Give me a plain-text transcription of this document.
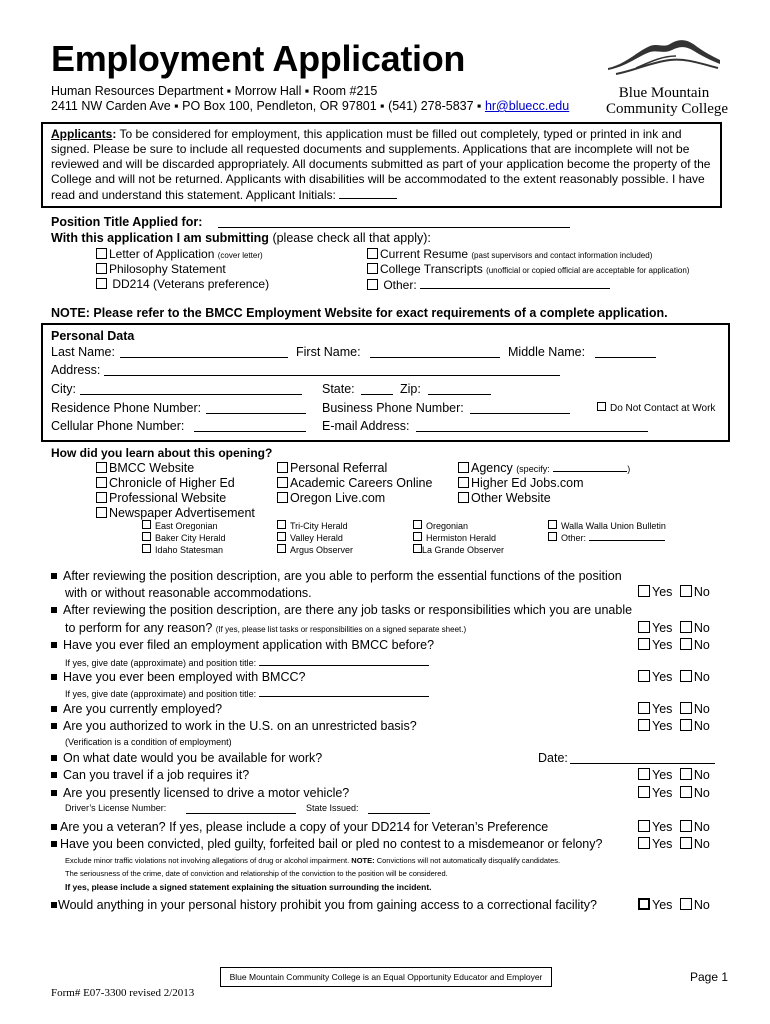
Employment Application
Human Resources Department ▪ Morrow Hall ▪ Room #215
2411 NW Carden Ave ▪ PO Box 100, Pendleton, OR 97801 ▪ (541) 278-5837 ▪ hr@bluecc.edu
Blue Mountain
Community College
Applicants: To be considered for employment, this application must be filled out completely, typed or printed in ink and signed. Please be sure to include all requested documents and supplements. Applications that are incomplete will not be reviewed and will be discarded appropriately. All documents submitted as part of your application become the property of the College and will not be returned. Applicants with disabilities will be accommodated to the extent reasonably possible. I have read and understand this statement. Applicant Initials:
Position Title Applied for:
With this application I am submitting (please check all that apply):
Letter of Application (cover letter)
Philosophy Statement
DD214 (Veterans preference)
Current Resume (past supervisors and contact information included)
College Transcripts (unofficial or copied official are acceptable for application)
Other:
NOTE: Please refer to the BMCC Employment Website for exact requirements of a complete application.
Personal Data
Last Name:	First Name:	Middle Name:
Address:
City:	State:	Zip:
Residence Phone Number:	Business Phone Number:	Do Not Contact at Work
Cellular Phone Number:	E-mail Address:
How did you learn about this opening?
BMCC Website
Chronicle of Higher Ed
Professional Website
Newspaper Advertisement
Personal Referral
Academic Careers Online
Oregon Live.com
Agency (specify:	)
Higher Ed Jobs.com
Other Website
East Oregonian
Baker City Herald
Idaho Statesman
Tri-City Herald
Valley Herald
Argus Observer
Oregonian
Hermiston Herald
La Grande Observer
Walla Walla Union Bulletin
Other:
After reviewing the position description, are you able to perform the essential functions of the position
with or without reasonable accommodations.	Yes No
After reviewing the position description, are there any job tasks or responsibilities which you are unable
to perform for any reason? (If yes, please list tasks or responsibilities on a signed separate sheet.)	Yes No
Have you ever filed an employment application with BMCC before?	Yes No
If yes, give date (approximate) and position title:
Have you ever been employed with BMCC?	Yes No
If yes, give date (approximate) and position title:
Are you currently employed?	Yes No
Are you authorized to work in the U.S. on an unrestricted basis?	Yes No
(Verification is a condition of employment)
On what date would you be available for work?	Date:
Can you travel if a job requires it?	Yes No
Are you presently licensed to drive a motor vehicle?	Yes No
Driver’s License Number:	State Issued:
Are you a veteran? If yes, please include a copy of your DD214 for Veteran’s Preference	Yes No
Have you been convicted, pled guilty, forfeited bail or pled no contest to a misdemeanor or felony?	Yes No
Exclude minor traffic violations not involving allegations of drug or alcohol impairment. NOTE: Convictions will not automatically disqualify candidates.
The seriousness of the crime, date of conviction and relationship of the conviction to the position will be considered.
If yes, please include a signed statement explaining the situation surrounding the incident.
Would anything in your personal history prohibit you from gaining access to a correctional facility?	Yes No
Blue Mountain Community College is an Equal Opportunity Educator and Employer	Page 1
Form# E07-3300 revised 2/2013
